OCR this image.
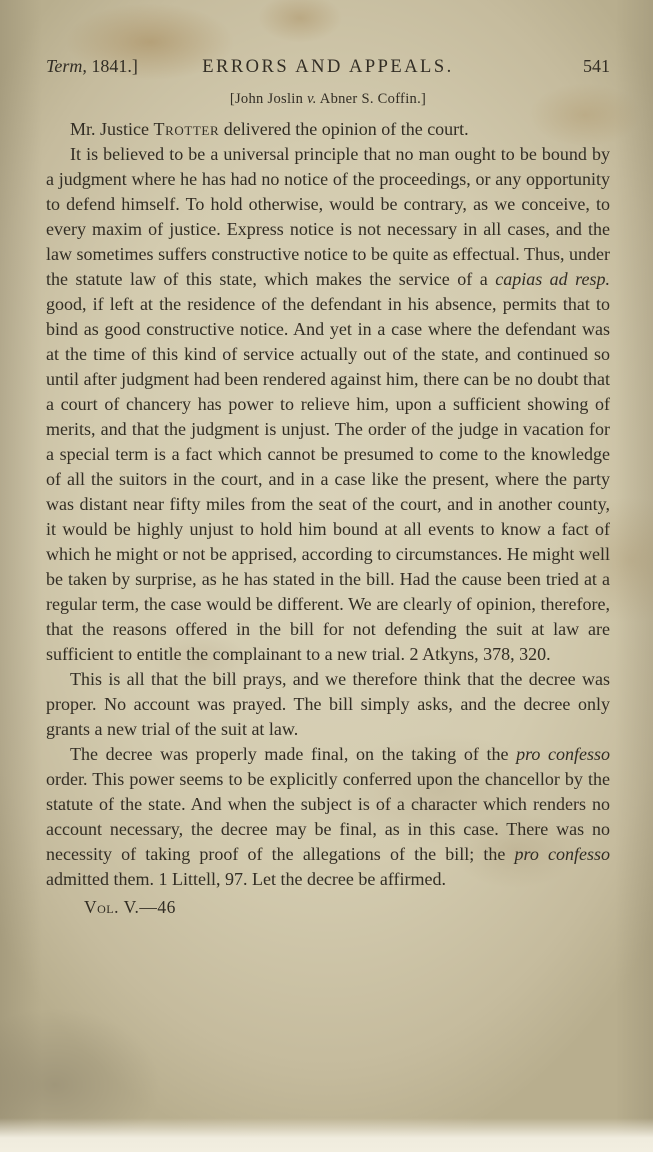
Term, 1841.]	ERRORS AND APPEALS.	541
[John Joslin v. Abner S. Coffin.]

Mr. Justice Trotter delivered the opinion of the court.

It is believed to be a universal principle that no man ought to be bound by a judgment where he has had no notice of the proceedings, or any opportunity to defend himself. To hold otherwise, would be contrary, as we conceive, to every maxim of justice. Express notice is not necessary in all cases, and the law sometimes suffers constructive notice to be quite as effectual. Thus, under the statute law of this state, which makes the service of a capias ad resp. good, if left at the residence of the defendant in his absence, permits that to bind as good constructive notice. And yet in a case where the defendant was at the time of this kind of service actually out of the state, and continued so until after judgment had been rendered against him, there can be no doubt that a court of chancery has power to relieve him, upon a sufficient showing of merits, and that the judgment is unjust. The order of the judge in vacation for a special term is a fact which cannot be presumed to come to the knowledge of all the suitors in the court, and in a case like the present, where the party was distant near fifty miles from the seat of the court, and in another county, it would be highly unjust to hold him bound at all events to know a fact of which he might or not be apprised, according to circumstances. He might well be taken by surprise, as he has stated in the bill. Had the cause been tried at a regular term, the case would be different. We are clearly of opinion, therefore, that the reasons offered in the bill for not defending the suit at law are sufficient to entitle the complainant to a new trial. 2 Atkyns, 378, 320.

This is all that the bill prays, and we therefore think that the decree was proper. No account was prayed. The bill simply asks, and the decree only grants a new trial of the suit at law.

The decree was properly made final, on the taking of the pro confesso order. This power seems to be explicitly conferred upon the chancellor by the statute of the state. And when the subject is of a character which renders no account necessary, the decree may be final, as in this case. There was no necessity of taking proof of the allegations of the bill; the pro confesso admitted them. 1 Littell, 97. Let the decree be affirmed.

Vol. V.—46
